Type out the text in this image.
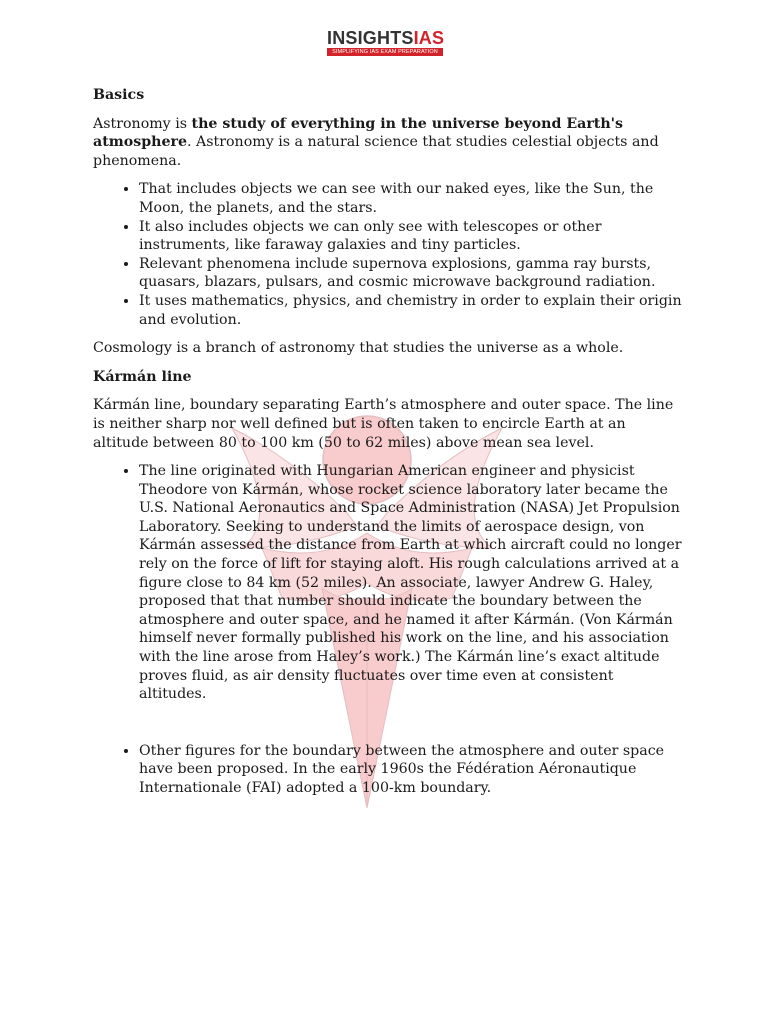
INSIGHTSIAS
SIMPLIFYING IAS EXAM PREPARATION
Basics

Astronomy is the study of everything in the universe beyond Earth's atmosphere. Astronomy is a natural science that studies celestial objects and phenomena.

• That includes objects we can see with our naked eyes, like the Sun, the Moon, the planets, and the stars.
• It also includes objects we can only see with telescopes or other instruments, like faraway galaxies and tiny particles.
• Relevant phenomena include supernova explosions, gamma ray bursts, quasars, blazars, pulsars, and cosmic microwave background radiation.
• It uses mathematics, physics, and chemistry in order to explain their origin and evolution.

Cosmology is a branch of astronomy that studies the universe as a whole.

Kármán line

Kármán line, boundary separating Earth’s atmosphere and outer space. The line is neither sharp nor well defined but is often taken to encircle Earth at an altitude between 80 to 100 km (50 to 62 miles) above mean sea level.

• The line originated with Hungarian American engineer and physicist Theodore von Kármán, whose rocket science laboratory later became the U.S. National Aeronautics and Space Administration (NASA) Jet Propulsion Laboratory. Seeking to understand the limits of aerospace design, von Kármán assessed the distance from Earth at which aircraft could no longer rely on the force of lift for staying aloft. His rough calculations arrived at a figure close to 84 km (52 miles). An associate, lawyer Andrew G. Haley, proposed that that number should indicate the boundary between the atmosphere and outer space, and he named it after Kármán. (Von Kármán himself never formally published his work on the line, and his association with the line arose from Haley’s work.) The Kármán line’s exact altitude proves fluid, as air density fluctuates over time even at consistent altitudes.
• Other figures for the boundary between the atmosphere and outer space have been proposed. In the early 1960s the Fédération Aéronautique Internationale (FAI) adopted a 100-km boundary.
